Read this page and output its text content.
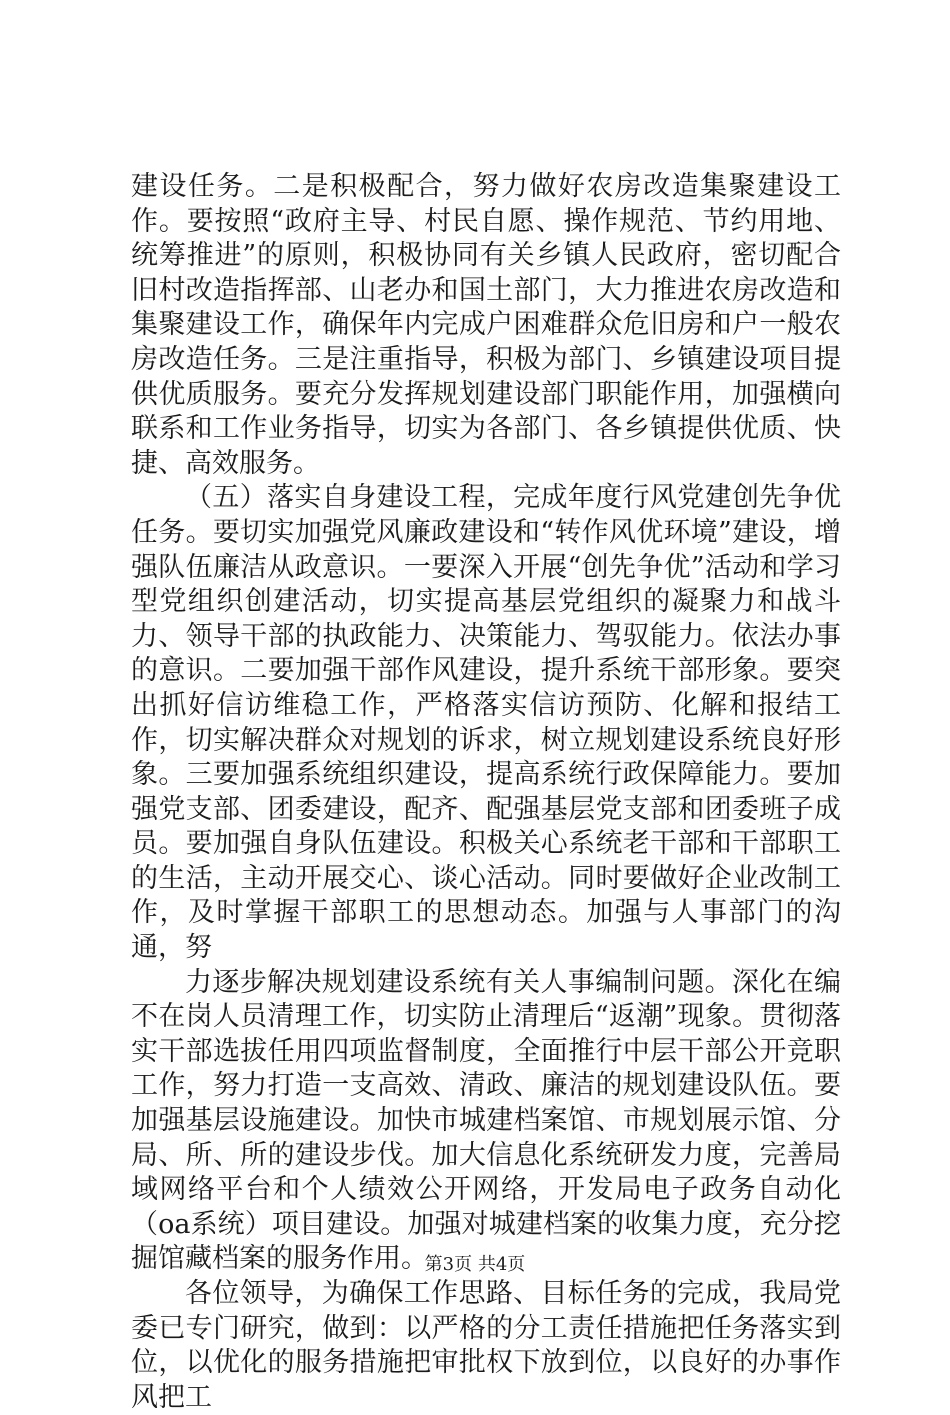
建设任务。二是积极配合，努力做好农房改造集聚建设工作。要按照“政府主导、村民自愿、操作规范、节约用地、统筹推进”的原则，积极协同有关乡镇人民政府，密切配合旧村改造指挥部、山老办和国土部门，大力推进农房改造和集聚建设工作，确保年内完成户困难群众危旧房和户一般农房改造任务。三是注重指导，积极为部门、乡镇建设项目提供优质服务。要充分发挥规划建设部门职能作用，加强横向联系和工作业务指导，切实为各部门、各乡镇提供优质、快捷、高效服务。

（五）落实自身建设工程，完成年度行风党建创先争优任务。要切实加强党风廉政建设和“转作风优环境”建设，增强队伍廉洁从政意识。一要深入开展“创先争优”活动和学习型党组织创建活动，切实提高基层党组织的凝聚力和战斗力、领导干部的执政能力、决策能力、驾驭能力。依法办事的意识。二要加强干部作风建设，提升系统干部形象。要突出抓好信访维稳工作，严格落实信访预防、化解和报结工作，切实解决群众对规划的诉求，树立规划建设系统良好形象。三要加强系统组织建设，提高系统行政保障能力。要加强党支部、团委建设，配齐、配强基层党支部和团委班子成员。要加强自身队伍建设。积极关心系统老干部和干部职工的生活，主动开展交心、谈心活动。同时要做好企业改制工作，及时掌握干部职工的思想动态。加强与人事部门的沟通，努

力逐步解决规划建设系统有关人事编制问题。深化在编不在岗人员清理工作，切实防止清理后“返潮”现象。贯彻落实干部选拔任用四项监督制度，全面推行中层干部公开竞职工作，努力打造一支高效、清政、廉洁的规划建设队伍。要加强基层设施建设。加快市城建档案馆、市规划展示馆、分局、所、所的建设步伐。加大信息化系统研发力度，完善局域网络平台和个人绩效公开网络，开发局电子政务自动化（oa系统）项目建设。加强对城建档案的收集力度，充分挖掘馆藏档案的服务作用。

各位领导，为确保工作思路、目标任务的完成，我局党委已专门研究，做到：以严格的分工责任措施把任务落实到位，以优化的服务措施把审批权下放到位，以良好的办事作风把工

第3页 共4页
